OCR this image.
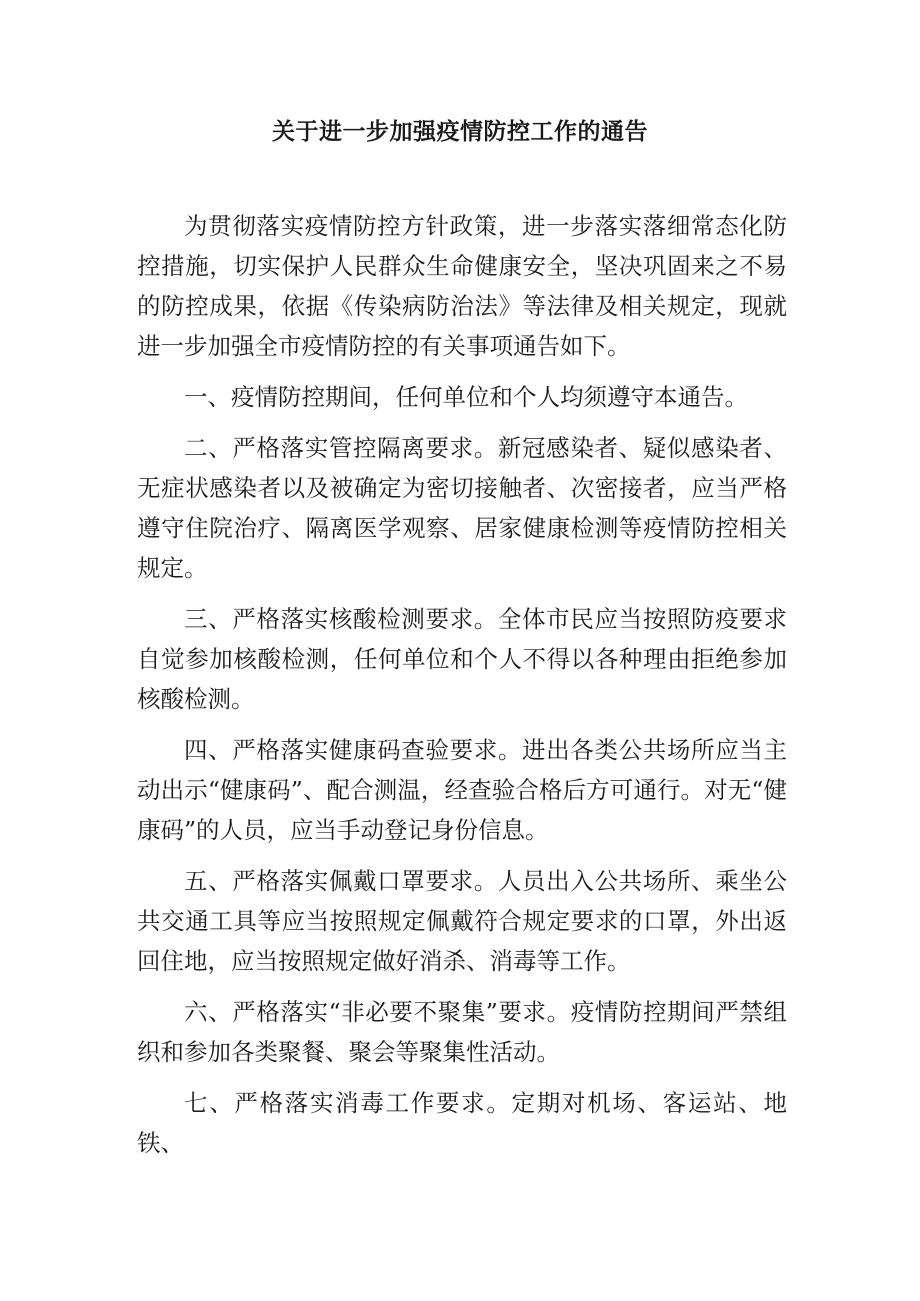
关于进一步加强疫情防控工作的通告

为贯彻落实疫情防控方针政策，进一步落实落细常态化防控措施，切实保护人民群众生命健康安全，坚决巩固来之不易的防控成果，依据《传染病防治法》等法律及相关规定，现就进一步加强全市疫情防控的有关事项通告如下。

一、疫情防控期间，任何单位和个人均须遵守本通告。

二、严格落实管控隔离要求。新冠感染者、疑似感染者、无症状感染者以及被确定为密切接触者、次密接者，应当严格遵守住院治疗、隔离医学观察、居家健康检测等疫情防控相关规定。

三、严格落实核酸检测要求。全体市民应当按照防疫要求自觉参加核酸检测，任何单位和个人不得以各种理由拒绝参加核酸检测。

四、严格落实健康码查验要求。进出各类公共场所应当主动出示“健康码”、配合测温，经查验合格后方可通行。对无“健康码”的人员，应当手动登记身份信息。

五、严格落实佩戴口罩要求。人员出入公共场所、乘坐公共交通工具等应当按照规定佩戴符合规定要求的口罩，外出返回住地，应当按照规定做好消杀、消毒等工作。

六、严格落实“非必要不聚集”要求。疫情防控期间严禁组织和参加各类聚餐、聚会等聚集性活动。

七、严格落实消毒工作要求。定期对机场、客运站、地铁、
